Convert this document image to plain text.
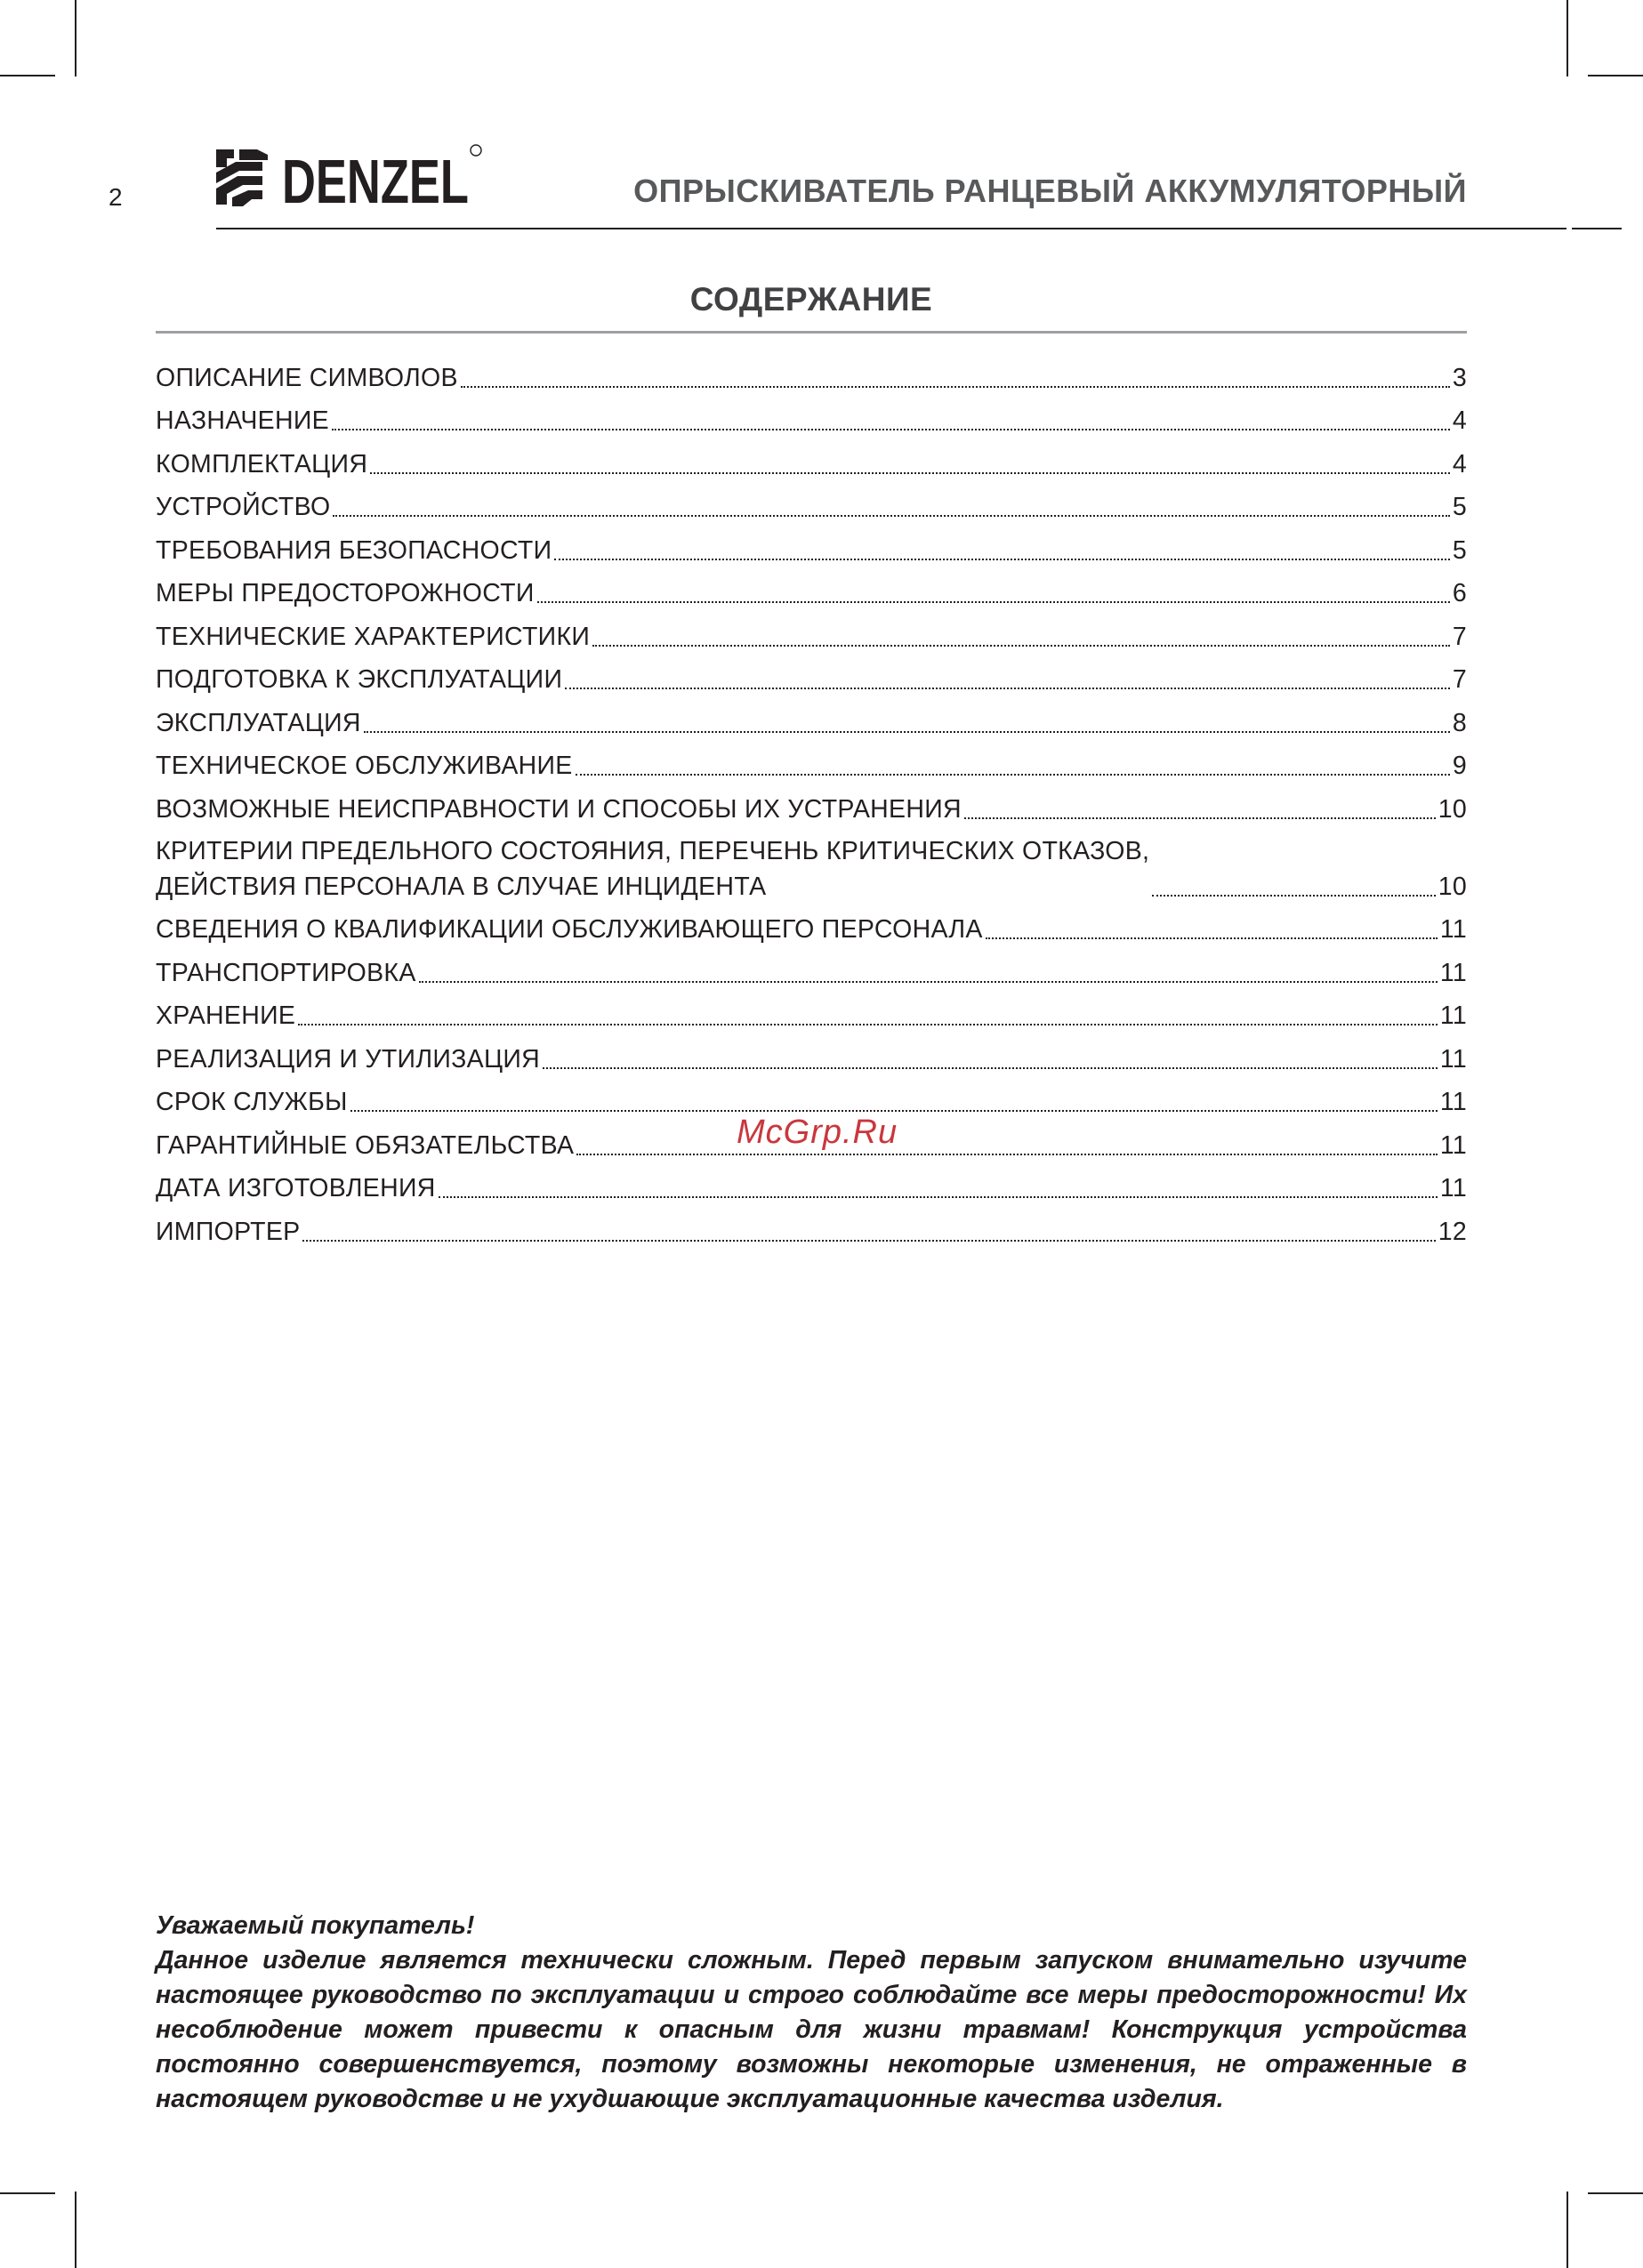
2	DENZEL	ОПРЫСКИВАТЕЛЬ РАНЦЕВЫЙ АККУМУЛЯТОРНЫЙ
СОДЕРЖАНИЕ
ОПИСАНИЕ СИМВОЛОВ	3
НАЗНАЧЕНИЕ	4
КОМПЛЕКТАЦИЯ	4
УСТРОЙСТВО	5
ТРЕБОВАНИЯ БЕЗОПАСНОСТИ	5
МЕРЫ ПРЕДОСТОРОЖНОСТИ	6
ТЕХНИЧЕСКИЕ ХАРАКТЕРИСТИКИ	7
ПОДГОТОВКА К ЭКСПЛУАТАЦИИ	7
ЭКСПЛУАТАЦИЯ	8
ТЕХНИЧЕСКОЕ ОБСЛУЖИВАНИЕ	9
ВОЗМОЖНЫЕ НЕИСПРАВНОСТИ И СПОСОБЫ ИХ УСТРАНЕНИЯ	10
КРИТЕРИИ ПРЕДЕЛЬНОГО СОСТОЯНИЯ, ПЕРЕЧЕНЬ КРИТИЧЕСКИХ ОТКАЗОВ,
ДЕЙСТВИЯ ПЕРСОНАЛА В СЛУЧАЕ ИНЦИДЕНТА	10
СВЕДЕНИЯ О КВАЛИФИКАЦИИ ОБСЛУЖИВАЮЩЕГО ПЕРСОНАЛА	11
ТРАНСПОРТИРОВКА	11
ХРАНЕНИЕ	11
РЕАЛИЗАЦИЯ И УТИЛИЗАЦИЯ	11
СРОК СЛУЖБЫ	11
ГАРАНТИЙНЫЕ ОБЯЗАТЕЛЬСТВА	11
ДАТА ИЗГОТОВЛЕНИЯ	11
ИМПОРТЕР	12
McGrp.Ru

Уважаемый покупатель!

Данное изделие является технически сложным. Перед первым запуском внимательно изучите настоящее руководство по эксплуатации и строго соблюдайте все меры предосторожности! Их несоблюдение может привести к опасным для жизни травмам! Конструкция устройства постоянно совершенствуется, поэтому возможны некоторые изменения, не отраженные в настоящем руководстве и не ухудшающие эксплуатационные качества изделия.
